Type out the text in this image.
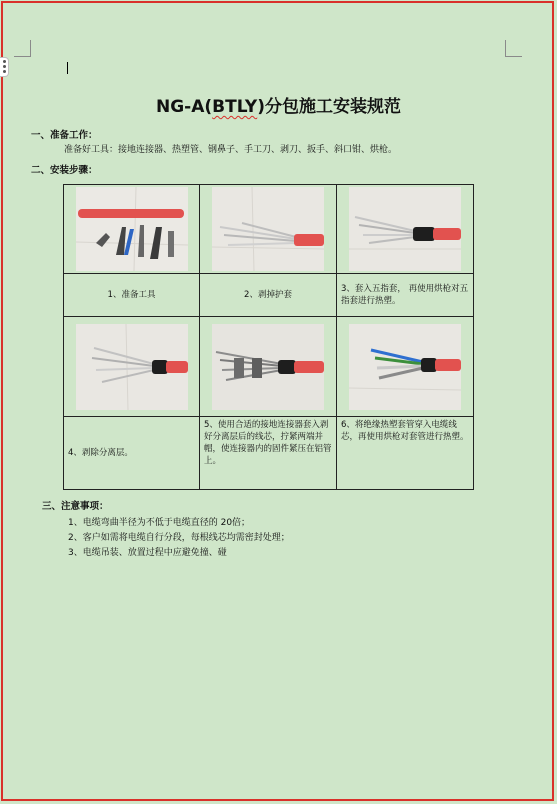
NG-A(BTLY)分包施工安装规范
一、准备工作：
准备好工具：接地连接器、热塑管、钢鼻子、手工刀、剥刀、扳手、斜口钳、烘枪。
二、安装步骤：

1、准备工具	2、剥掉护套	3、套入五指套， 再使用烘枪对五指套进行热塑。

4、剥除分离层。	5、使用合适的接地连接器套入剥好分离层后的线芯，拧紧两端并帽，使连接器内的固件紧压在铝管上。	6、将绝缘热塑套管穿入电缆线芯，再使用烘枪对套管进行热塑。
三、注意事项：
1、电缆弯曲半径为不低于电缆直径的 20倍；
2、客户如需将电缆自行分段，每根线芯均需密封处理；
3、电缆吊装、放置过程中应避免撞、碰
